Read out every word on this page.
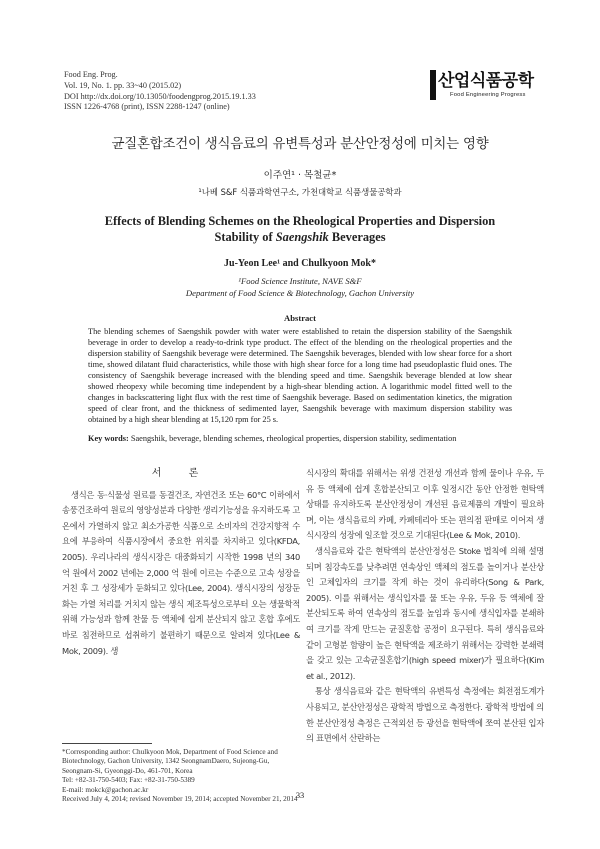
Food Eng. Prog.
Vol. 19, No. 1. pp. 33~40 (2015.02)
DOI http://dx.doi.org/10.13050/foodengprog.2015.19.1.33
ISSN 1226-4768 (print), ISSN 2288-1247 (online)
산업식품공학
Food Engineering Progress
균질혼합조건이 생식음료의 유변특성과 분산안정성에 미치는 영향
이주연¹ · 목철균*
¹나베 S&F 식품과학연구소, 가천대학교 식품생물공학과
Effects of Blending Schemes on the Rheological Properties and Dispersion
Stability of Saengshik Beverages
Ju-Yeon Lee¹ and Chulkyoon Mok*
¹Food Science Institute, NAVE S&F
Department of Food Science & Biotechnology, Gachon University
Abstract
The blending schemes of Saengshik powder with water were established to retain the dispersion stability of the Saengshik beverage in order to develop a ready-to-drink type product. The effect of the blending on the rheological properties and the dispersion stability of Saengshik beverage were determined. The Saengshik beverages, blended with low shear force for a short time, showed dilatant fluid characteristics, while those with high shear force for a long time had pseudoplastic fluid ones. The consistency of Saengshik beverage increased with the blending speed and time. Saengshik beverage blended at low shear showed rheopexy while becoming time independent by a high-shear blending action. A logarithmic model fitted well to the changes in backscattering light flux with the rest time of Saengshik beverage. Based on sedimentation kinetics, the migration speed of clear front, and the thickness of sedimented layer, Saengshik beverage with maximum dispersion stability was obtained by a high shear blending at 15,120 rpm for 25 s.
Key words: Saengshik, beverage, blending schemes, rheological properties, dispersion stability, sedimentation
서 론

생식은 동·식물성 원료를 동결건조, 자연건조 또는 60°C 이하에서 송풍건조하여 원료의 영양성분과 다양한 생리기능성을 유지하도록 고온에서 가열하지 않고 최소가공한 식품으로 소비자의 건강지향적 수요에 부응하여 식품시장에서 중요한 위치를 차지하고 있다(KFDA, 2005). 우리나라의 생식시장은 대중화되기 시작한 1998 년의 340 억 원에서 2002 년에는 2,000 억 원에 이르는 수준으로 고속 성장을 거친 후 그 성장세가 둔화되고 있다(Lee, 2004). 생식시장의 성장둔화는 가열 처리를 거치지 않는 생식 제조특성으로부터 오는 생물학적 위해 가능성과 함께 찬물 등 액체에 쉽게 분산되지 않고 혼합 후에도 바로 침전하므로 섭취하기 불편하기 때문으로 알려져 있다(Lee & Mok, 2009). 생

식시장의 확대를 위해서는 위생 건전성 개선과 함께 물이나 우유, 두유 등 액체에 쉽게 혼합분산되고 이후 일정시간 동안 안정한 현탁액 상태를 유지하도록 분산안정성이 개선된 음료제품의 개발이 필요하며, 이는 생식음료의 카페, 카페테리아 또는 편의점 판매로 이어져 생식시장의 성장에 일조할 것으로 기대된다(Lee & Mok, 2010).

생식음료와 같은 현탁액의 분산안정성은 Stoke 법칙에 의해 설명되며 침강속도를 낮추려면 연속상인 액체의 점도를 높이거나 분산상인 고체입자의 크기를 작게 하는 것이 유리하다(Song & Park, 2005). 이를 위해서는 생식입자를 물 또는 우유, 두유 등 액체에 잘 분산되도록 하여 연속상의 점도를 높임과 동시에 생식입자를 분쇄하여 크기를 작게 만드는 균질혼합 공정이 요구된다. 특히 생식음료와 같이 고형분 함량이 높은 현탁액을 제조하기 위해서는 강력한 분쇄력을 갖고 있는 고속균질혼합기(high speed mixer)가 필요하다(Kim et al., 2012).

통상 생식음료와 같은 현탁액의 유변특성 측정에는 회전점도계가 사용되고, 분산안정성은 광학적 방법으로 측정한다. 광학적 방법에 의한 분산안정성 측정은 근적외선 등 광선을 현탁액에 쪼여 분산된 입자의 표면에서 산란하는

*Corresponding author: Chulkyoon Mok, Department of Food Science and Biotechnology, Gachon University, 1342 SeongnamDaero, Sujeong-Gu, Seongnam-Si, Gyeonggi-Do, 461-701, Korea
Tel: +82-31-750-5403; Fax: +82-31-750-5389
E-mail: mokck@gachon.ac.kr
Received July 4, 2014; revised November 19, 2014; accepted November 21, 2014
33
